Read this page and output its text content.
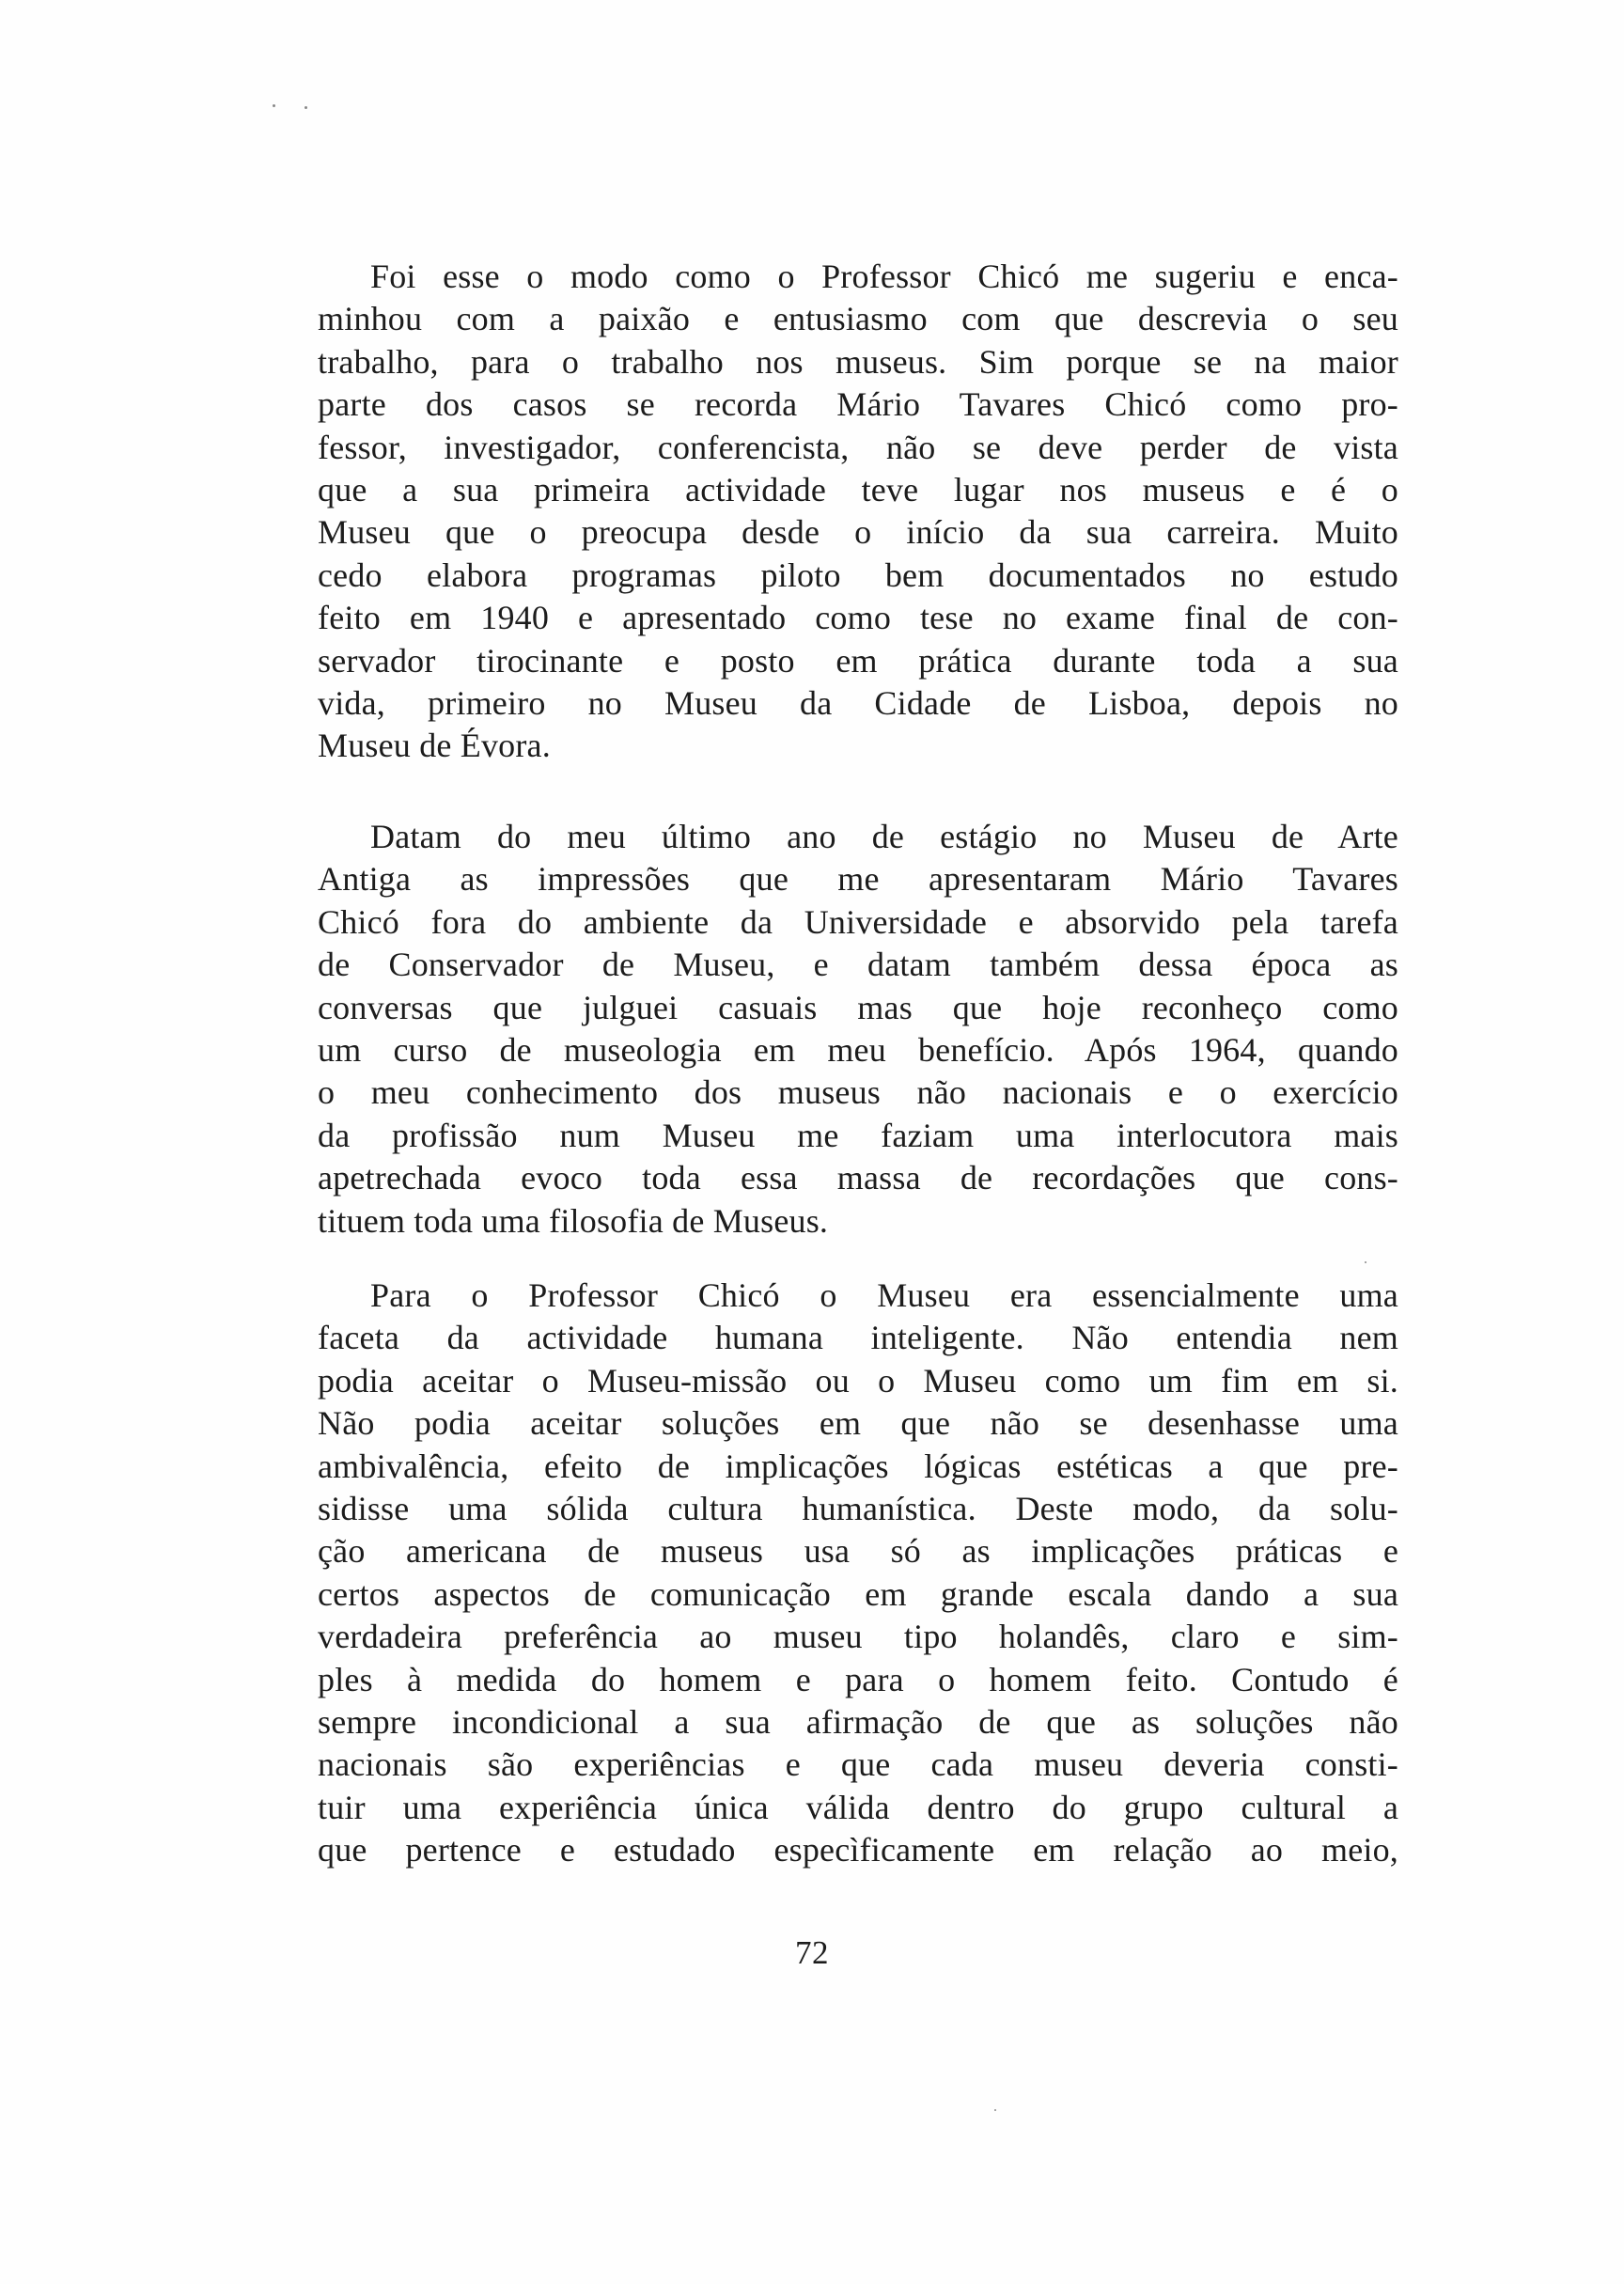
Foi esse o modo como o Professor Chicó me sugeriu e enca-
minhou com a paixão e entusiasmo com que descrevia o seu
trabalho, para o trabalho nos museus. Sim porque se na maior
parte dos casos se recorda Mário Tavares Chicó como pro-
fessor, investigador, conferencista, não se deve perder de vista
que a sua primeira actividade teve lugar nos museus e é o
Museu que o preocupa desde o início da sua carreira. Muito
cedo elabora programas piloto bem documentados no estudo
feito em 1940 e apresentado como tese no exame final de con-
servador tirocinante e posto em prática durante toda a sua
vida, primeiro no Museu da Cidade de Lisboa, depois no
Museu de Évora.
Datam do meu último ano de estágio no Museu de Arte
Antiga as impressões que me apresentaram Mário Tavares
Chicó fora do ambiente da Universidade e absorvido pela tarefa
de Conservador de Museu, e datam também dessa época as
conversas que julguei casuais mas que hoje reconheço como
um curso de museologia em meu benefício. Após 1964, quando
o meu conhecimento dos museus não nacionais e o exercício
da profissão num Museu me faziam uma interlocutora mais
apetrechada evoco toda essa massa de recordações que cons-
tituem toda uma filosofia de Museus.
Para o Professor Chicó o Museu era essencialmente uma
faceta da actividade humana inteligente. Não entendia nem
podia aceitar o Museu-missão ou o Museu como um fim em si.
Não podia aceitar soluções em que não se desenhasse uma
ambivalência, efeito de implicações lógicas estéticas a que pre-
sidisse uma sólida cultura humanística. Deste modo, da solu-
ção americana de museus usa só as implicações práticas e
certos aspectos de comunicação em grande escala dando a sua
verdadeira preferência ao museu tipo holandês, claro e sim-
ples à medida do homem e para o homem feito. Contudo é
sempre incondicional a sua afirmação de que as soluções não
nacionais são experiências e que cada museu deveria consti-
tuir uma experiência única válida dentro do grupo cultural a
que pertence e estudado especìficamente em relação ao meio,
72
